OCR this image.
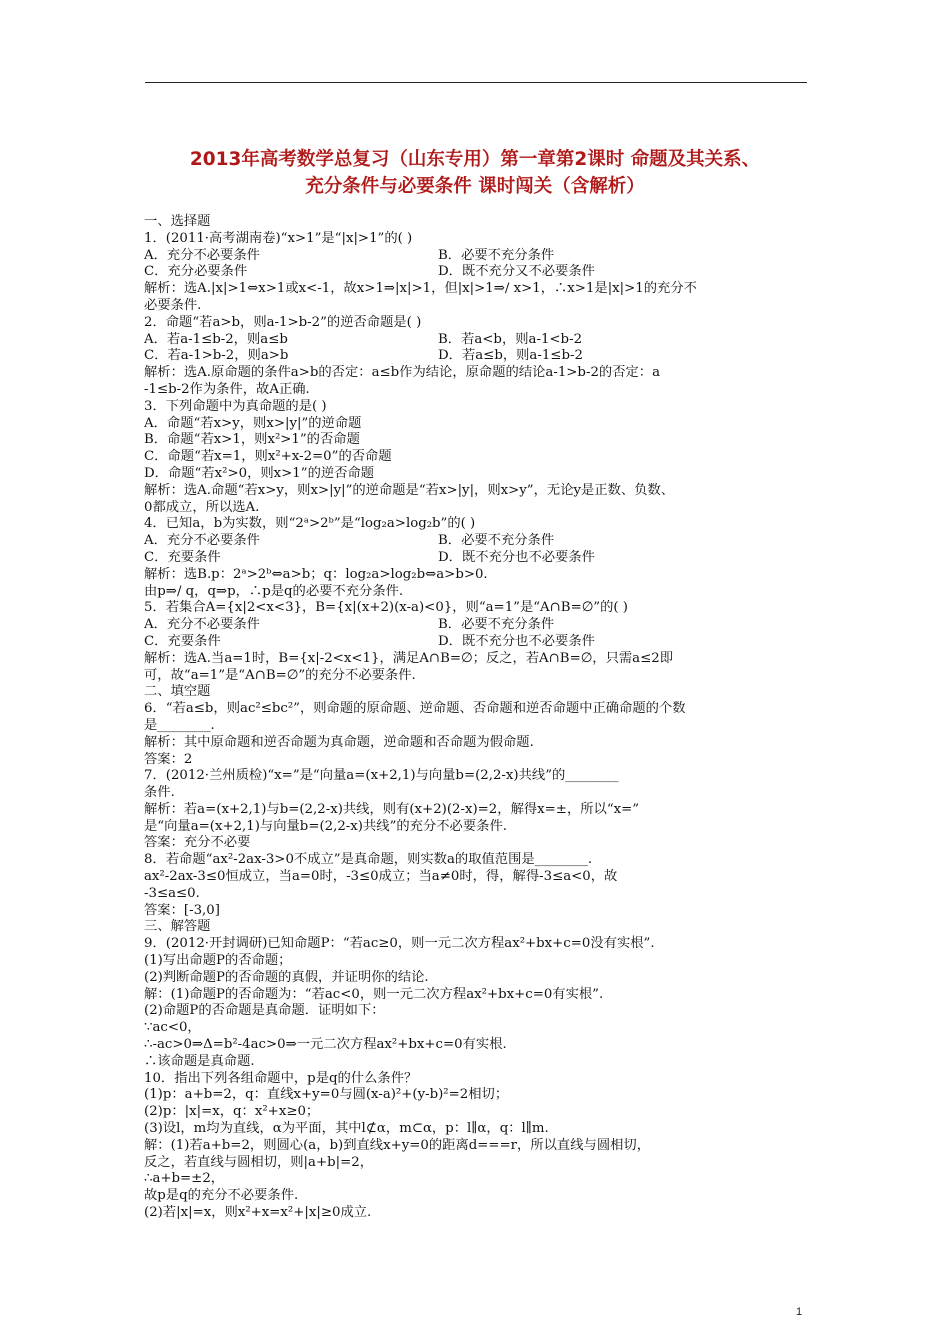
2013年高考数学总复习（山东专用）第一章第2课时 命题及其关系、
充分条件与必要条件 课时闯关（含解析）
一、选择题
1．(2011·高考湖南卷)“x>1”是“|x|>1”的( )
A．充分不必要条件	B．必要不充分条件
C．充分必要条件	D．既不充分又不必要条件
解析：选A.|x|>1⇔x>1或x<-1，故x>1⇒|x|>1，但|x|>1⇒/ x>1，∴x>1是|x|>1的充分不
必要条件.
2．命题“若a>b，则a-1>b-2”的逆否命题是( )
A．若a-1≤b-2，则a≤b	B．若a<b，则a-1<b-2
C．若a-1>b-2，则a>b	D．若a≤b，则a-1≤b-2
解析：选A.原命题的条件a>b的否定：a≤b作为结论，原命题的结论a-1>b-2的否定：a
-1≤b-2作为条件，故A正确.
3．下列命题中为真命题的是( )
A．命题“若x>y，则x>|y|”的逆命题
B．命题“若x>1，则x²>1”的否命题
C．命题“若x=1，则x²+x-2=0”的否命题
D．命题“若x²>0，则x>1”的逆否命题
解析：选A.命题“若x>y，则x>|y|”的逆命题是“若x>|y|，则x>y”，无论y是正数、负数、
0都成立，所以选A.
4．已知a，b为实数，则“2ᵃ>2ᵇ”是“log₂a>log₂b”的( )
A．充分不必要条件	B．必要不充分条件
C．充要条件	D．既不充分也不必要条件
解析：选B.p：2ᵃ>2ᵇ⇔a>b；q：log₂a>log₂b⇔a>b>0.
由p⇒/ q，q⇒p，∴p是q的必要不充分条件.
5．若集合A={x|2<x<3}，B={x|(x+2)(x-a)<0}，则“a=1”是“A∩B=∅”的( )
A．充分不必要条件	B．必要不充分条件
C．充要条件	D．既不充分也不必要条件
解析：选A.当a=1时，B={x|-2<x<1}，满足A∩B=∅；反之，若A∩B=∅，只需a≤2即
可，故“a=1”是“A∩B=∅”的充分不必要条件.
二、填空题
6．“若a≤b，则ac²≤bc²”，则命题的原命题、逆命题、否命题和逆否命题中正确命题的个数
是________.
解析：其中原命题和逆否命题为真命题，逆命题和否命题为假命题.
答案：2
7．(2012·兰州质检)“x=”是“向量a=(x+2,1)与向量b=(2,2-x)共线”的________
条件.
解析：若a=(x+2,1)与b=(2,2-x)共线，则有(x+2)(2-x)=2，解得x=±，所以“x=”
是“向量a=(x+2,1)与向量b=(2,2-x)共线”的充分不必要条件.
答案：充分不必要
8．若命题“ax²-2ax-3>0不成立”是真命题，则实数a的取值范围是________.
ax²-2ax-3≤0恒成立，当a=0时，-3≤0成立；当a≠0时，得，解得-3≤a<0，故
-3≤a≤0.
答案：[-3,0]
三、解答题
9．(2012·开封调研)已知命题P：“若ac≥0，则一元二次方程ax²+bx+c=0没有实根”.
(1)写出命题P的否命题；
(2)判断命题P的否命题的真假，并证明你的结论.
解：(1)命题P的否命题为：“若ac<0，则一元二次方程ax²+bx+c=0有实根”.
(2)命题P的否命题是真命题．证明如下：
∵ac<0，
∴-ac>0⇒Δ=b²-4ac>0⇒一元二次方程ax²+bx+c=0有实根.
∴该命题是真命题.
10．指出下列各组命题中，p是q的什么条件？
(1)p：a+b=2，q：直线x+y=0与圆(x-a)²+(y-b)²=2相切；
(2)p：|x|=x，q：x²+x≥0；
(3)设l，m均为直线，α为平面，其中l⊄α，m⊂α，p：l∥α，q：l∥m.
解：(1)若a+b=2，则圆心(a，b)到直线x+y=0的距离d===r，所以直线与圆相切，
反之，若直线与圆相切，则|a+b|=2，
∴a+b=±2，
故p是q的充分不必要条件.
(2)若|x|=x，则x²+x=x²+|x|≥0成立.
1
